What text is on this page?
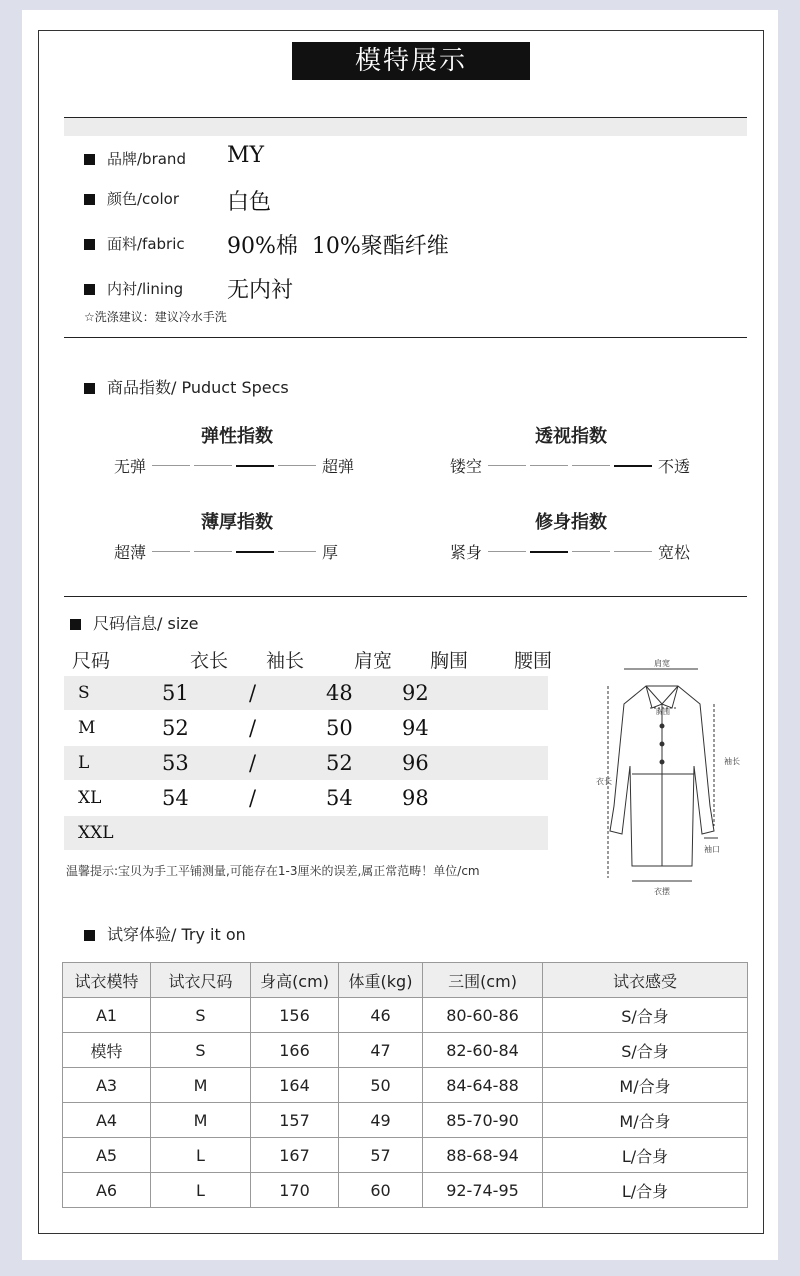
模特展示
品牌/brand MY
颜色/color 白色
面料/fabric 90%棉  10%聚酯纤维
内衬/lining 无内衬
☆洗涤建议：建议冷水手洗
商品指数/ Puduct Specs
弹性指数
无弹	超弹
透视指数
镂空	不透
薄厚指数
超薄	厚
修身指数
紧身	宽松
尺码信息/ size
尺码	衣长 袖长	肩宽 胸围 腰围
S	51	/	48 92
M	52	/	50 94
L	53	/	52 96
XL	54	/	54 98
XXL
温馨提示:宝贝为手工平铺测量,可能存在1-3厘米的误差,属正常范畴！单位/cm
肩宽
胸围
衣长
袖长
袖口
衣摆
试穿体验/ Try it on
试衣模特	试衣尺码	身高(cm)	体重(kg)	三围(cm)	试衣感受
A1	S	156	46	80-60-86	S/合身
模特	S	166	47	82-60-84	S/合身
A3	M	164	50	84-64-88	M/合身
A4	M	157	49	85-70-90	M/合身
A5	L	167	57	88-68-94	L/合身
A6	L	170	60	92-74-95	L/合身
